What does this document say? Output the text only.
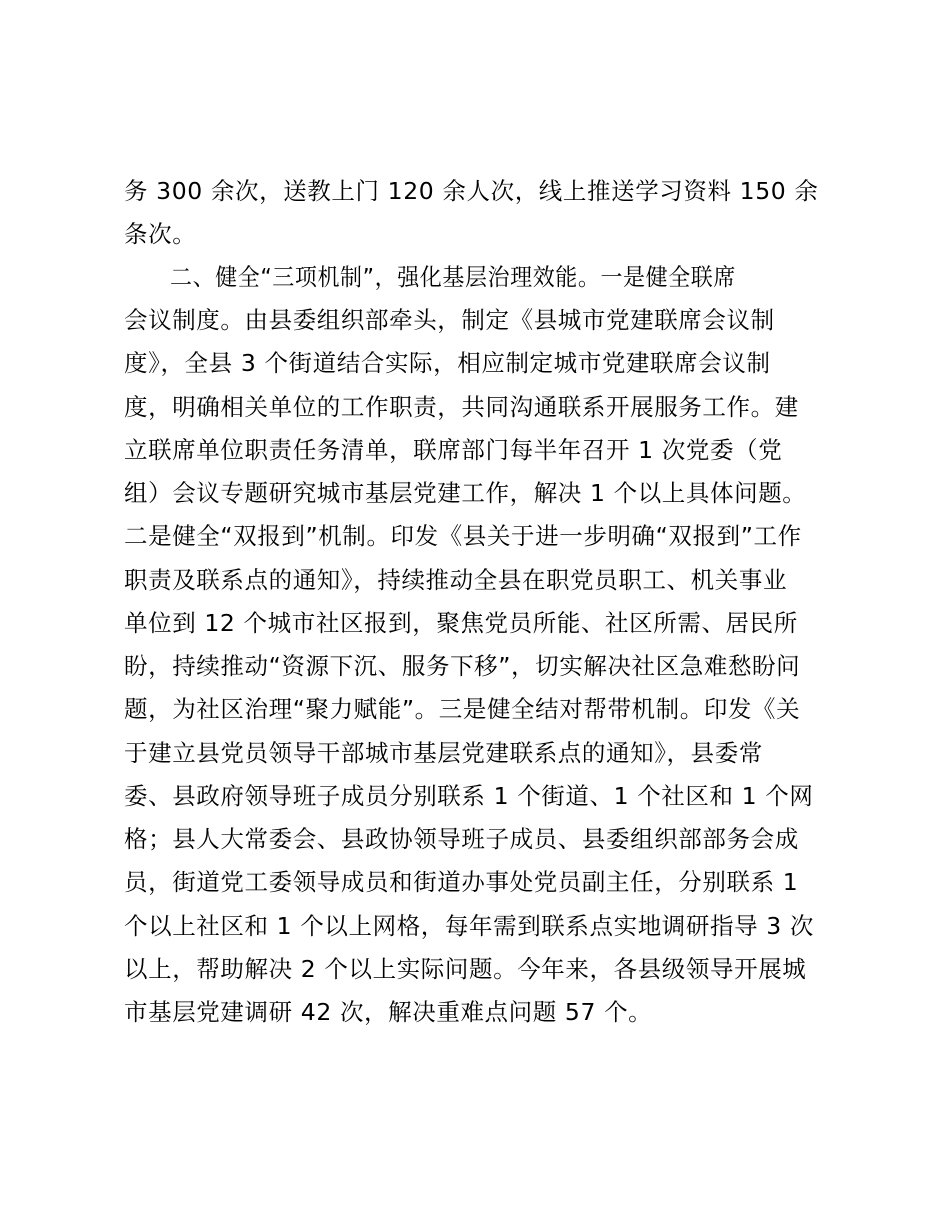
务 300 余次，送教上门 120 余人次，线上推送学习资料 150 余
条次。
二、健全“三项机制”，强化基层治理效能。一是健全联席
会议制度。由县委组织部牵头，制定《县城市党建联席会议制
度》，全县 3 个街道结合实际，相应制定城市党建联席会议制
度，明确相关单位的工作职责，共同沟通联系开展服务工作。建
立联席单位职责任务清单，联席部门每半年召开 1 次党委（党
组）会议专题研究城市基层党建工作，解决 1 个以上具体问题。
二是健全“双报到”机制。印发《县关于进一步明确“双报到”工作
职责及联系点的通知》，持续推动全县在职党员职工、机关事业
单位到 12 个城市社区报到，聚焦党员所能、社区所需、居民所
盼，持续推动“资源下沉、服务下移”，切实解决社区急难愁盼问
题，为社区治理“聚力赋能”。三是健全结对帮带机制。印发《关
于建立县党员领导干部城市基层党建联系点的通知》，县委常
委、县政府领导班子成员分别联系 1 个街道、1 个社区和 1 个网
格；县人大常委会、县政协领导班子成员、县委组织部部务会成
员，街道党工委领导成员和街道办事处党员副主任，分别联系 1
个以上社区和 1 个以上网格，每年需到联系点实地调研指导 3 次
以上，帮助解决 2 个以上实际问题。今年来，各县级领导开展城
市基层党建调研 42 次，解决重难点问题 57 个。
